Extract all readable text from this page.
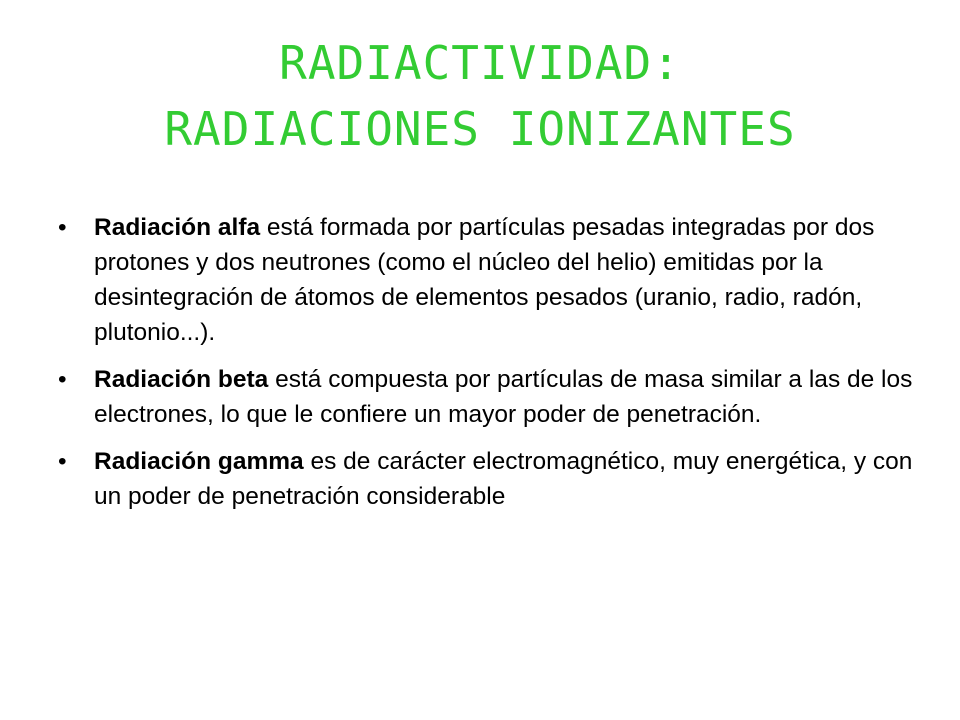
RADIACTIVIDAD:
RADIACIONES IONIZANTES
• Radiación alfa está formada por partículas pesadas integradas por dos protones y dos neutrones (como el núcleo del helio) emitidas por la desintegración de átomos de elementos pesados (uranio, radio, radón, plutonio...).
• Radiación beta está compuesta por partículas de masa similar a las de los electrones, lo que le confiere un mayor poder de penetración.
• Radiación gamma es de carácter electromagnético, muy energética, y con un poder de penetración considerable
